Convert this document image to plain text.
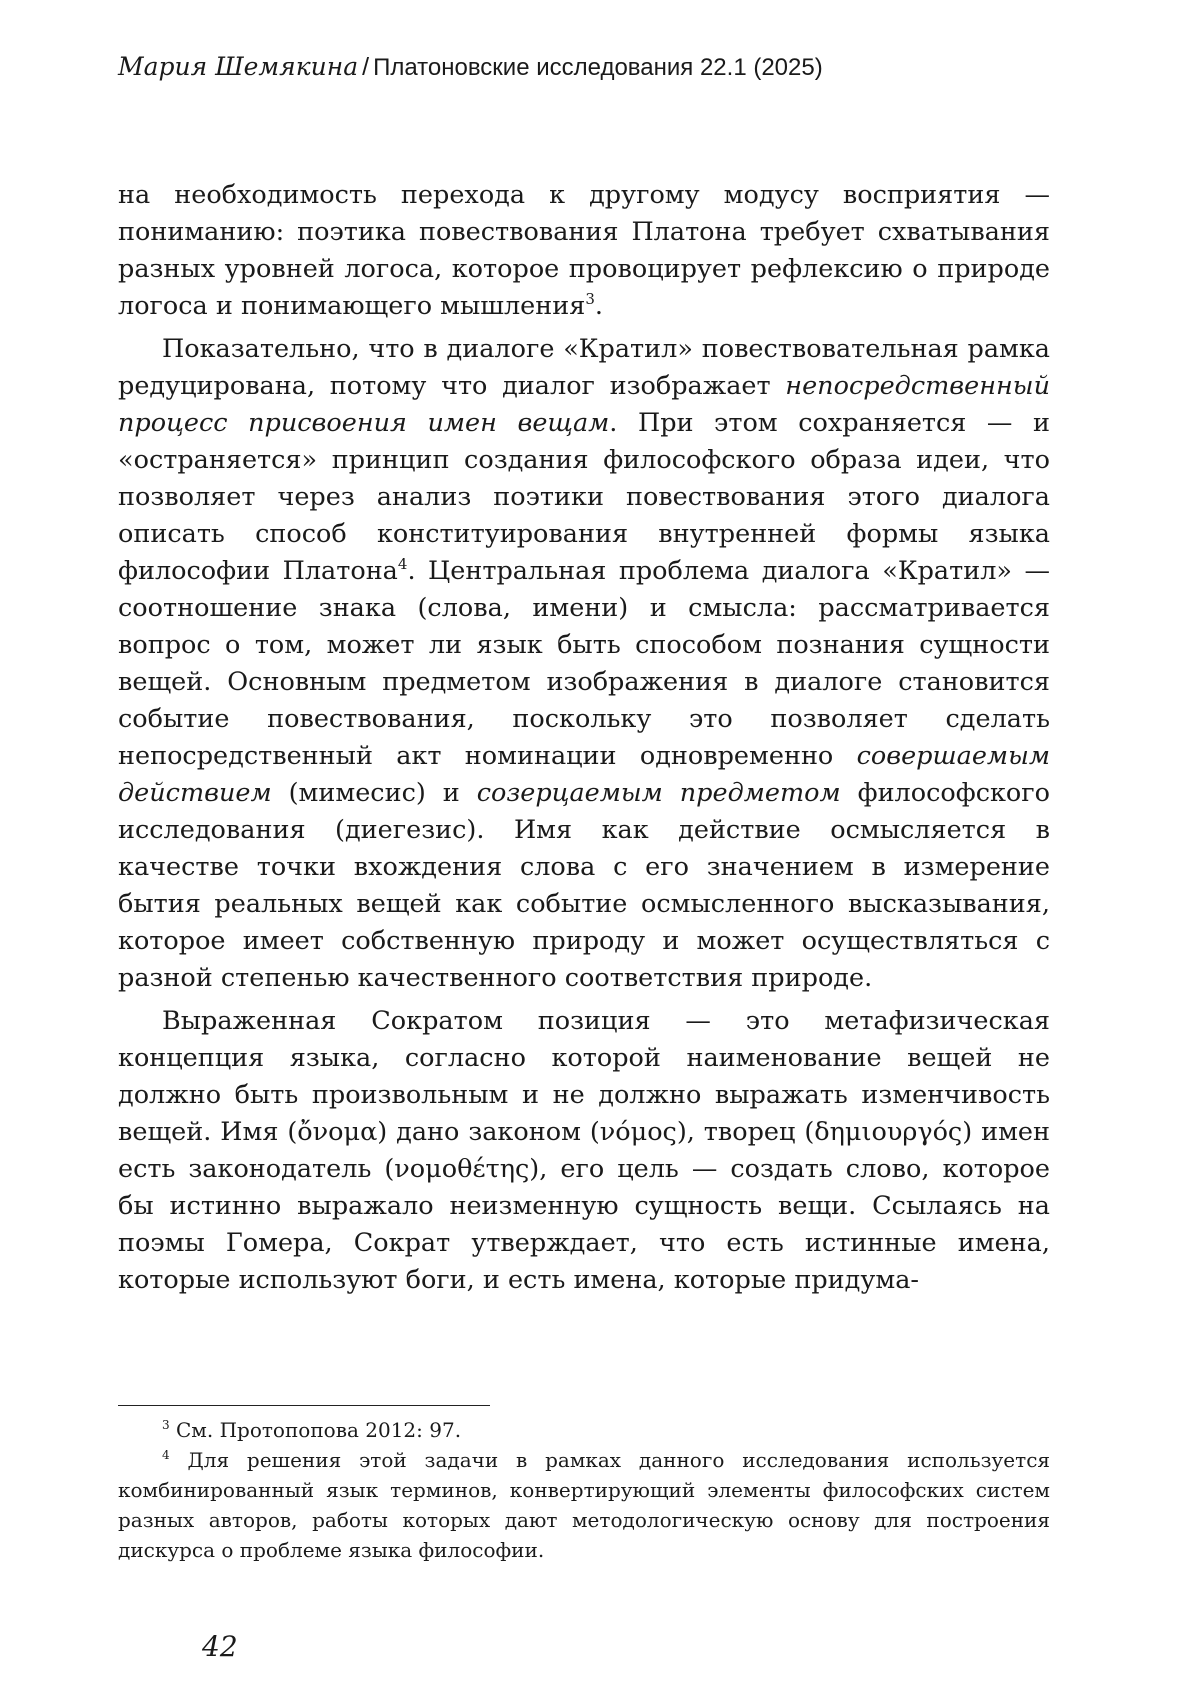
Мария Шемякина / Платоновские исследования 22.1 (2025)

на необходимость перехода к другому модусу восприятия — пониманию: поэтика повествования Платона требует схватывания разных уровней логоса, которое провоцирует рефлексию о природе логоса и понимающего мышления$^3$.

Показательно, что в диалоге «Кратил» повествовательная рамка редуцирована, потому что диалог изображает непосредственный процесс присвоения имен вещам. При этом сохраняется — и «остраняется» принцип создания философского образа идеи, что позволяет через анализ поэтики повествования этого диалога описать способ конституирования внутренней формы языка философии Платона$^4$. Центральная проблема диалога «Кратил» — соотношение знака (слова, имени) и смысла: рассматривается вопрос о том, может ли язык быть способом познания сущности вещей. Основным предметом изображения в диалоге становится событие повествования, поскольку это позволяет сделать непосредственный акт номинации одновременно совершаемым действием (мимесис) и созерцаемым предметом философского исследования (диегезис). Имя как действие осмысляется в качестве точки вхождения слова с его значением в измерение бытия реальных вещей как событие осмысленного высказывания, которое имеет собственную природу и может осуществляться с разной степенью качественного соответствия природе.

Выраженная Сократом позиция — это метафизическая концепция языка, согласно которой наименование вещей не должно быть произвольным и не должно выражать изменчивость вещей. Имя (ὄνομα) дано законом (νόμος), творец (δημιουργός) имен есть законодатель (νομοθέτης), его цель — создать слово, которое бы истинно выражало неизменную сущность вещи. Ссылаясь на поэмы Гомера, Сократ утверждает, что есть истинные имена, которые используют боги, и есть имена, которые придума-

$^3$ См. Протопопова 2012: 97.

$^4$ Для решения этой задачи в рамках данного исследования используется комбинированный язык терминов, конвертирующий элементы философских систем разных авторов, работы которых дают методологическую основу для построения дискурса о проблеме языка философии.

42
